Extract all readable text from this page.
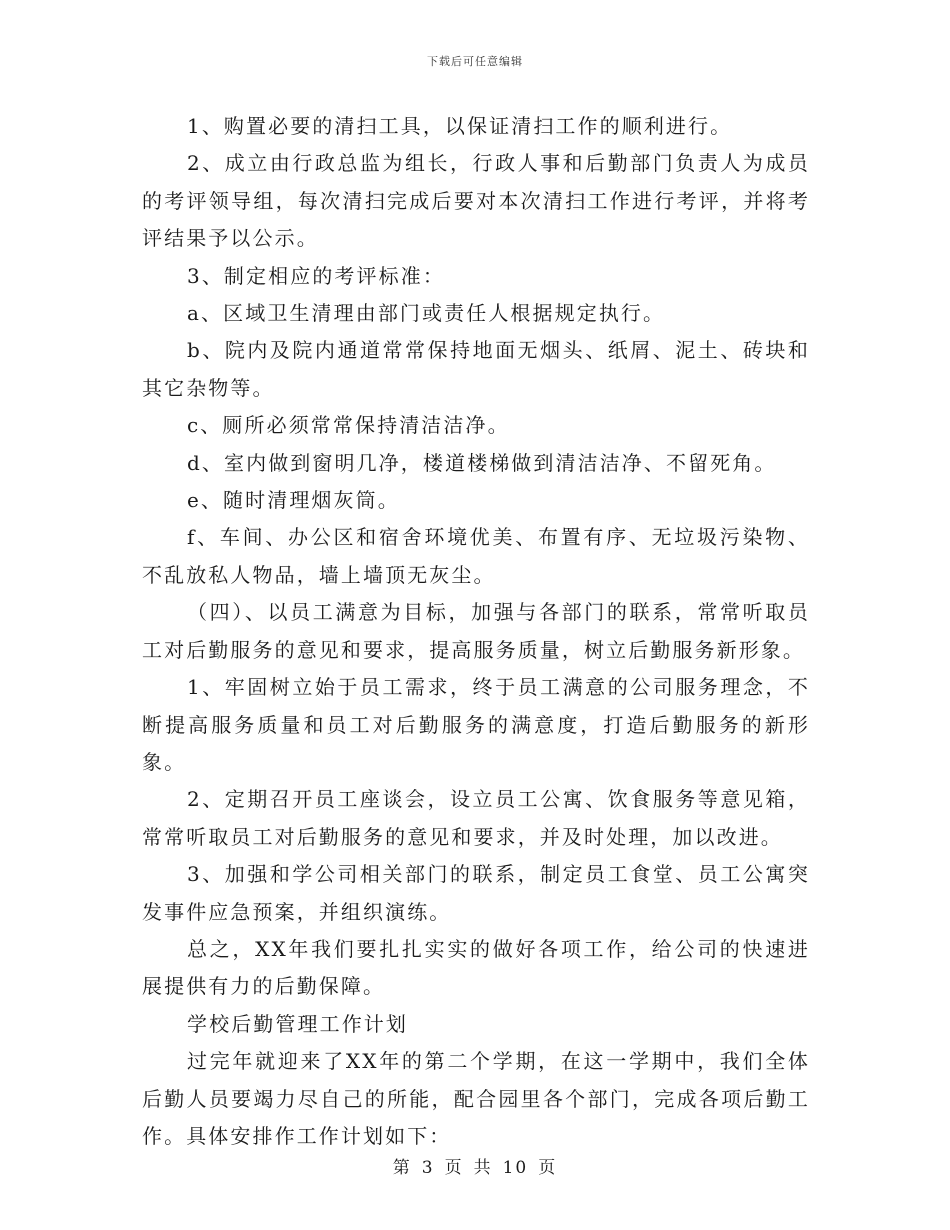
下载后可任意编辑

1、购置必要的清扫工具，以保证清扫工作的顺利进行。

2、成立由行政总监为组长，行政人事和后勤部门负责人为成员的考评领导组，每次清扫完成后要对本次清扫工作进行考评，并将考评结果予以公示。

3、制定相应的考评标准：

a、区域卫生清理由部门或责任人根据规定执行。

b、院内及院内通道常常保持地面无烟头、纸屑、泥土、砖块和其它杂物等。

c、厕所必须常常保持清洁洁净。

d、室内做到窗明几净，楼道楼梯做到清洁洁净、不留死角。

e、随时清理烟灰筒。

f、车间、办公区和宿舍环境优美、布置有序、无垃圾污染物、不乱放私人物品，墙上墙顶无灰尘。

（四）、以员工满意为目标，加强与各部门的联系，常常听取员工对后勤服务的意见和要求，提高服务质量，树立后勤服务新形象。

1、牢固树立始于员工需求，终于员工满意的公司服务理念，不断提高服务质量和员工对后勤服务的满意度，打造后勤服务的新形象。

2、定期召开员工座谈会，设立员工公寓、饮食服务等意见箱，常常听取员工对后勤服务的意见和要求，并及时处理，加以改进。

3、加强和学公司相关部门的联系，制定员工食堂、员工公寓突发事件应急预案，并组织演练。

总之，XX年我们要扎扎实实的做好各项工作，给公司的快速进展提供有力的后勤保障。

学校后勤管理工作计划

过完年就迎来了XX年的第二个学期，在这一学期中，我们全体后勤人员要竭力尽自己的所能，配合园里各个部门，完成各项后勤工作。具体安排作工作计划如下：

第 3 页 共 10 页
